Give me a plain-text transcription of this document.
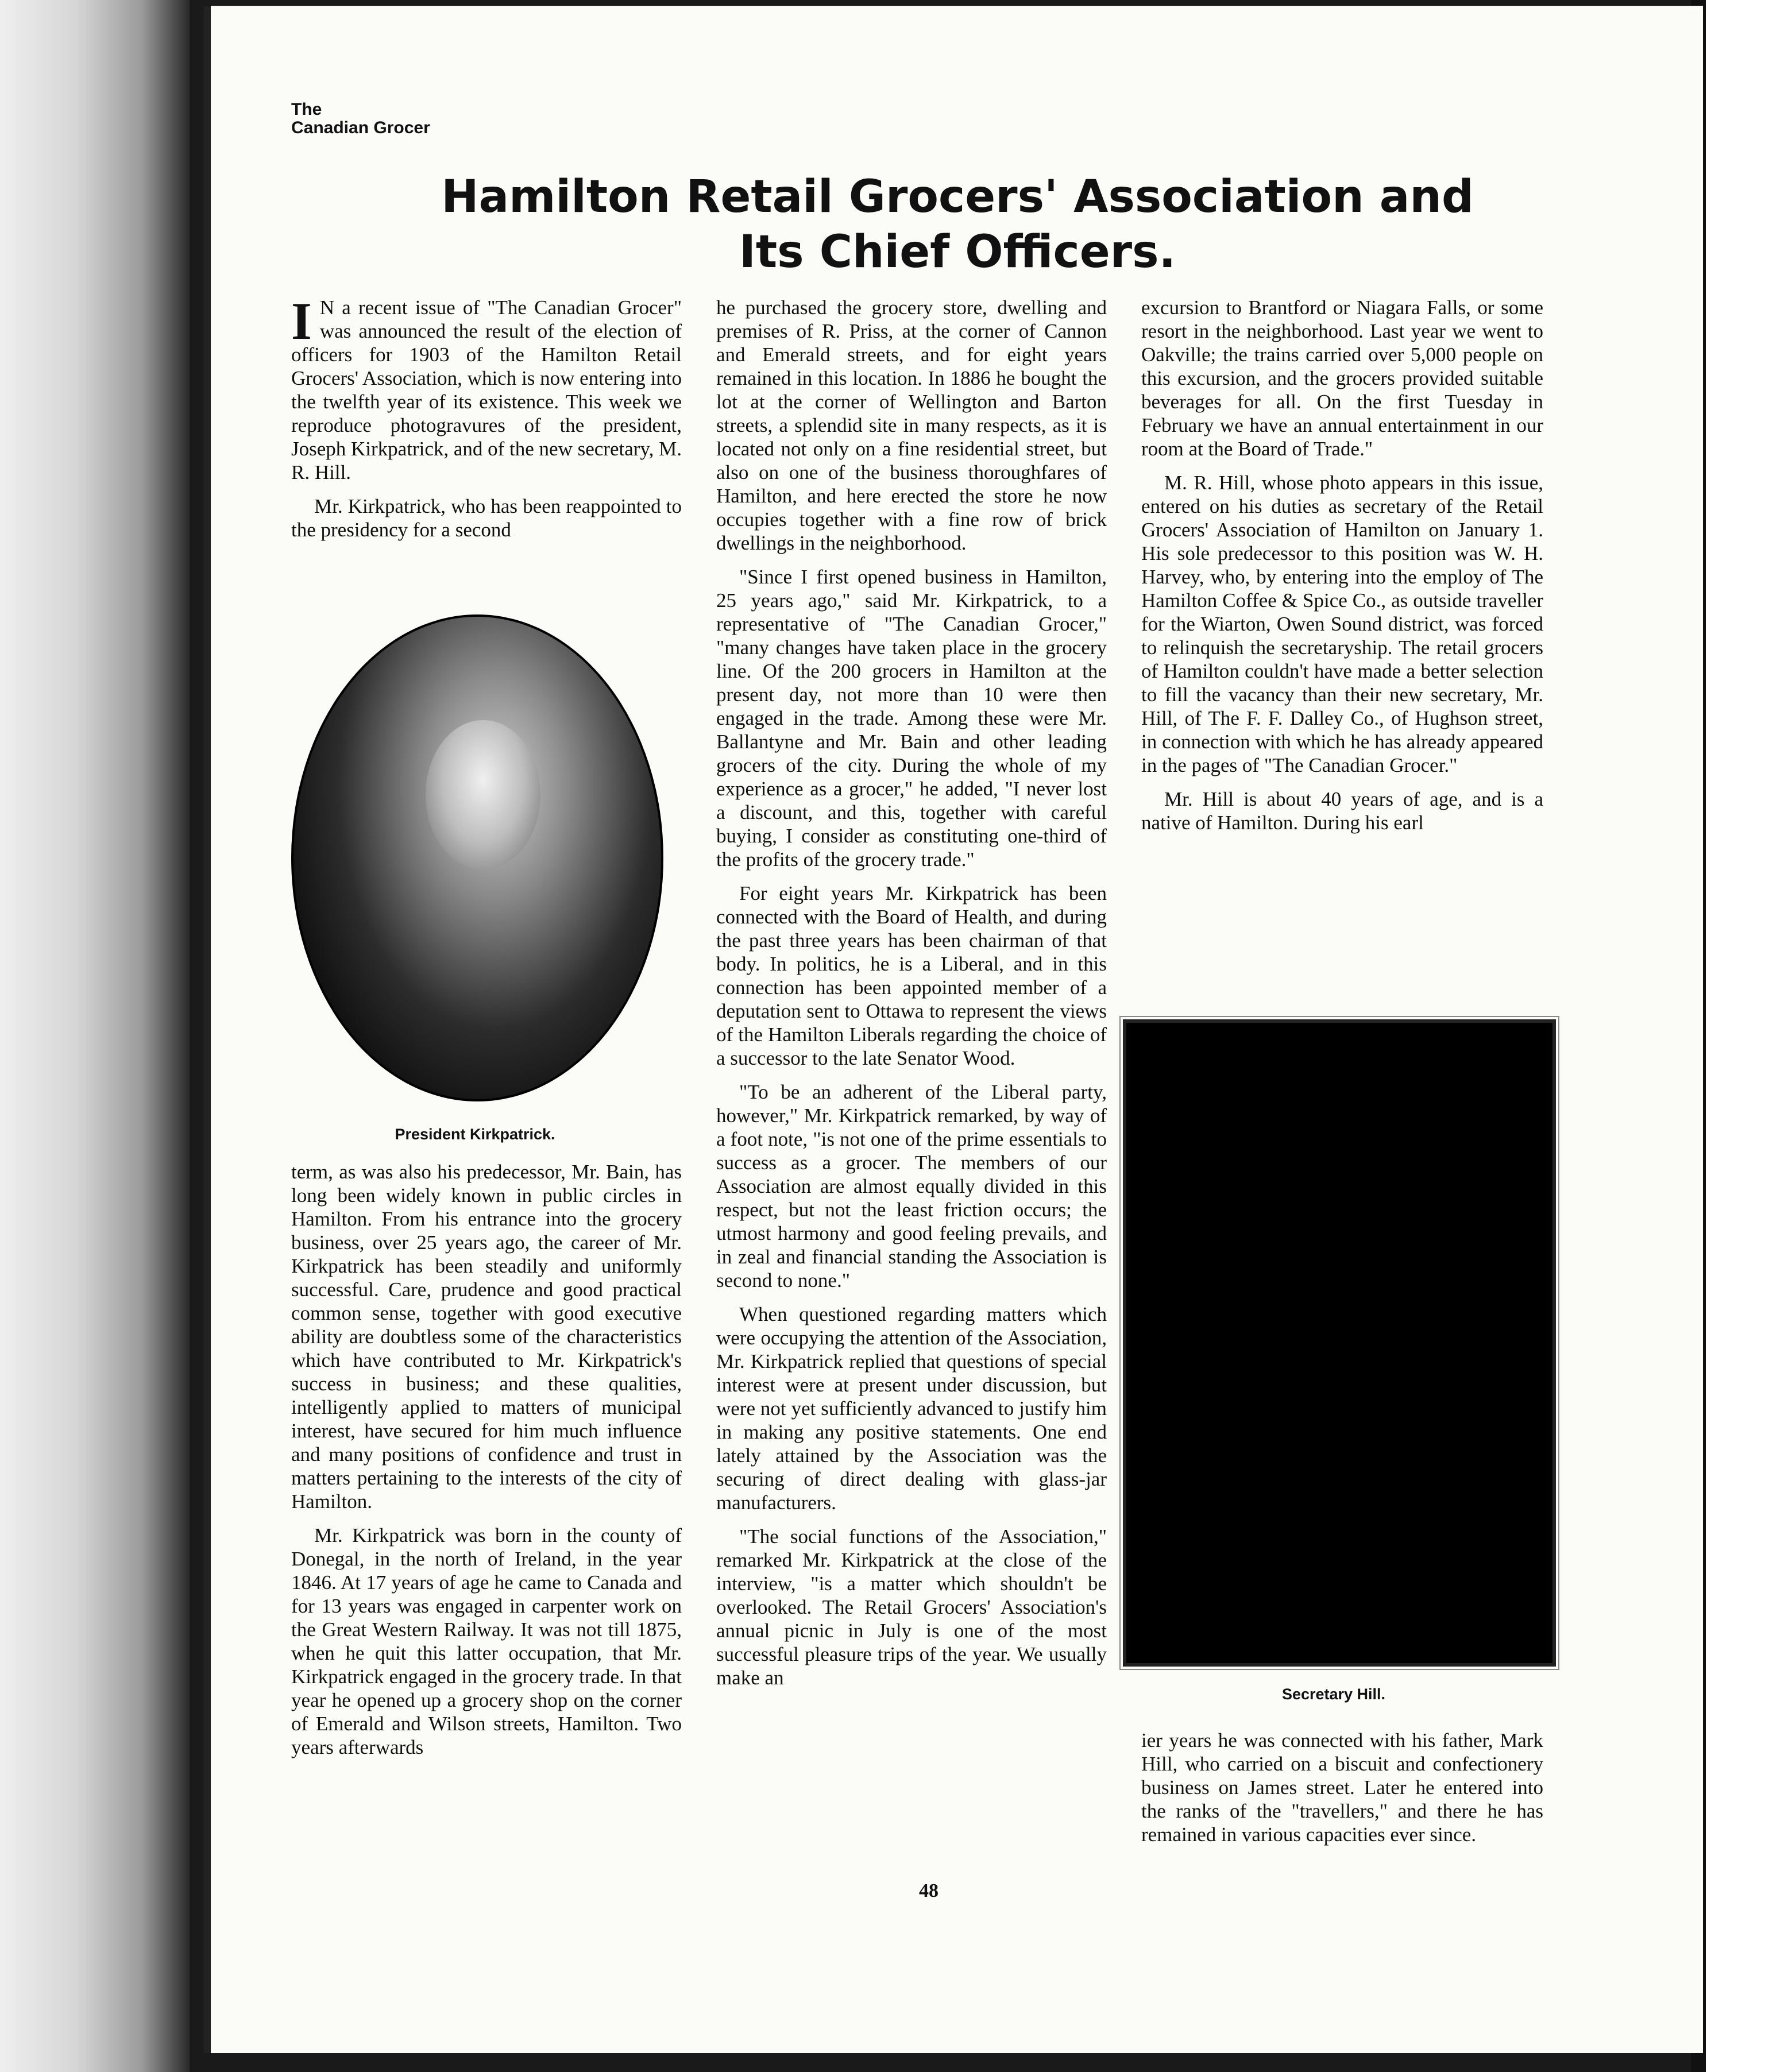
The
Canadian Grocer
Hamilton Retail Grocers' Association and
Its Chief Officers.

I N a recent issue of "The Canadian Grocer" was announced the result of the election of officers for 1903 of the Hamilton Retail Grocers' Association, which is now entering into the twelfth year of its existence. This week we reproduce photogravures of the president, Joseph Kirkpatrick, and of the new secretary, M. R. Hill.

Mr. Kirkpatrick, who has been reappointed to the presidency for a second

President Kirkpatrick.

term, as was also his predecessor, Mr. Bain, has long been widely known in public circles in Hamilton. From his entrance into the grocery business, over 25 years ago, the career of Mr. Kirkpatrick has been steadily and uniformly successful. Care, prudence and good practical common sense, together with good executive ability are doubtless some of the characteristics which have contributed to Mr. Kirkpatrick's success in business; and these qualities, intelligently applied to matters of municipal interest, have secured for him much influence and many positions of confidence and trust in matters pertaining to the interests of the city of Hamilton.

Mr. Kirkpatrick was born in the county of Donegal, in the north of Ireland, in the year 1846. At 17 years of age he came to Canada and for 13 years was engaged in carpenter work on the Great Western Railway. It was not till 1875, when he quit this latter occupation, that Mr. Kirkpatrick engaged in the grocery trade. In that year he opened up a grocery shop on the corner of Emerald and Wilson streets, Hamilton. Two years afterwards

he purchased the grocery store, dwelling and premises of R. Priss, at the corner of Cannon and Emerald streets, and for eight years remained in this location. In 1886 he bought the lot at the corner of Wellington and Barton streets, a splendid site in many respects, as it is located not only on a fine residential street, but also on one of the business thoroughfares of Hamilton, and here erected the store he now occupies together with a fine row of brick dwellings in the neighborhood.

"Since I first opened business in Hamilton, 25 years ago," said Mr. Kirkpatrick, to a representative of "The Canadian Grocer," "many changes have taken place in the grocery line. Of the 200 grocers in Hamilton at the present day, not more than 10 were then engaged in the trade. Among these were Mr. Ballantyne and Mr. Bain and other leading grocers of the city. During the whole of my experience as a grocer," he added, "I never lost a discount, and this, together with careful buying, I consider as constituting one-third of the profits of the grocery trade."

For eight years Mr. Kirkpatrick has been connected with the Board of Health, and during the past three years has been chairman of that body. In politics, he is a Liberal, and in this connection has been appointed member of a deputation sent to Ottawa to represent the views of the Hamilton Liberals regarding the choice of a successor to the late Senator Wood.

"To be an adherent of the Liberal party, however," Mr. Kirkpatrick remarked, by way of a foot note, "is not one of the prime essentials to success as a grocer. The members of our Association are almost equally divided in this respect, but not the least friction occurs; the utmost harmony and good feeling prevails, and in zeal and financial standing the Association is second to none."

When questioned regarding matters which were occupying the attention of the Association, Mr. Kirkpatrick replied that questions of special interest were at present under discussion, but were not yet sufficiently advanced to justify him in making any positive statements. One end lately attained by the Association was the securing of direct dealing with glass-jar manufacturers.

"The social functions of the Association," remarked Mr. Kirkpatrick at the close of the interview, "is a matter which shouldn't be overlooked. The Retail Grocers' Association's annual picnic in July is one of the most successful pleasure trips of the year. We usually make an

excursion to Brantford or Niagara Falls, or some resort in the neighborhood. Last year we went to Oakville; the trains carried over 5,000 people on this excursion, and the grocers provided suitable beverages for all. On the first Tuesday in February we have an annual entertainment in our room at the Board of Trade."

M. R. Hill, whose photo appears in this issue, entered on his duties as secretary of the Retail Grocers' Association of Hamilton on January 1. His sole predecessor to this position was W. H. Harvey, who, by entering into the employ of The Hamilton Coffee & Spice Co., as outside traveller for the Wiarton, Owen Sound district, was forced to relinquish the secretaryship. The retail grocers of Hamilton couldn't have made a better selection to fill the vacancy than their new secretary, Mr. Hill, of The F. F. Dalley Co., of Hughson street, in connection with which he has already appeared in the pages of "The Canadian Grocer."

Mr. Hill is about 40 years of age, and is a native of Hamilton. During his earl

Secretary Hill.

ier years he was connected with his father, Mark Hill, who carried on a biscuit and confectionery business on James street. Later he entered into the ranks of the "travellers," and there he has remained in various capacities ever since.

48
